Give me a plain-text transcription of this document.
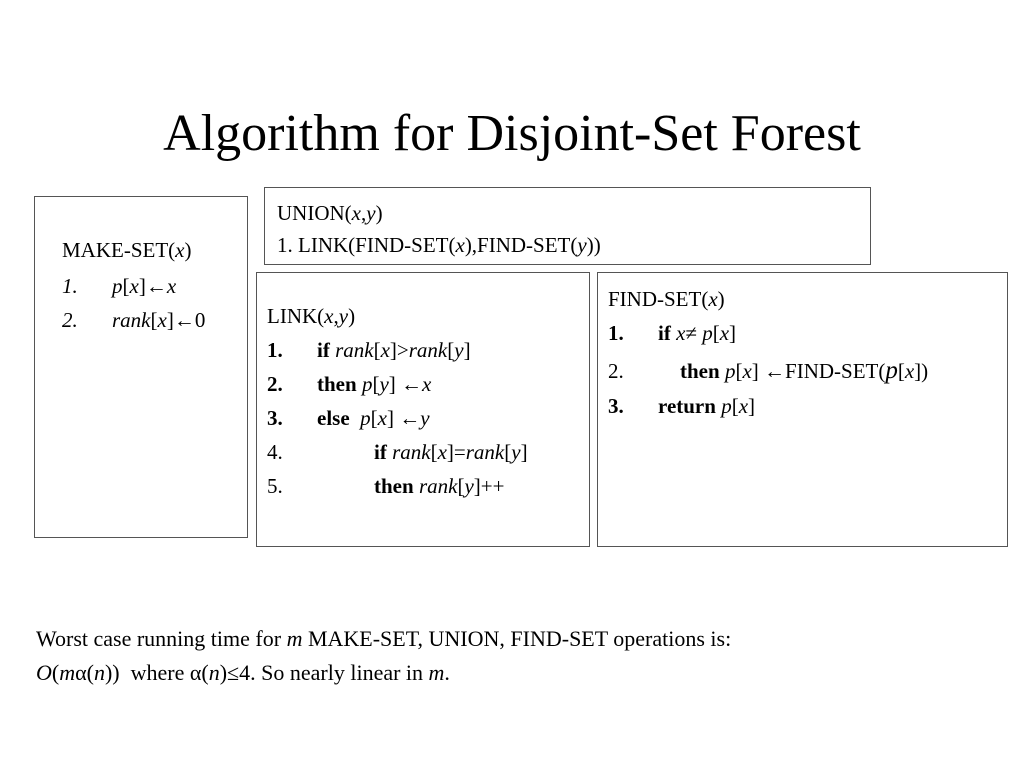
Algorithm for Disjoint-Set Forest
MAKE-SET(x)
1. p[x]←x
2. rank[x]←0
UNION(x,y)
1. LINK(FIND-SET(x),FIND-SET(y))
LINK(x,y)
1. if rank[x]>rank[y]
2. then p[y] ←x
3. else p[x] ←y
4.	if rank[x]=rank[y]
5.	then rank[y]++
FIND-SET(x)
1. if x≠ p[x]
2.	then p[x] ←FIND-SET(p[x])
3. return p[x]
Worst case running time for m MAKE-SET, UNION, FIND-SET operations is:
O(mα(n))  where α(n)≤4. So nearly linear in m.
